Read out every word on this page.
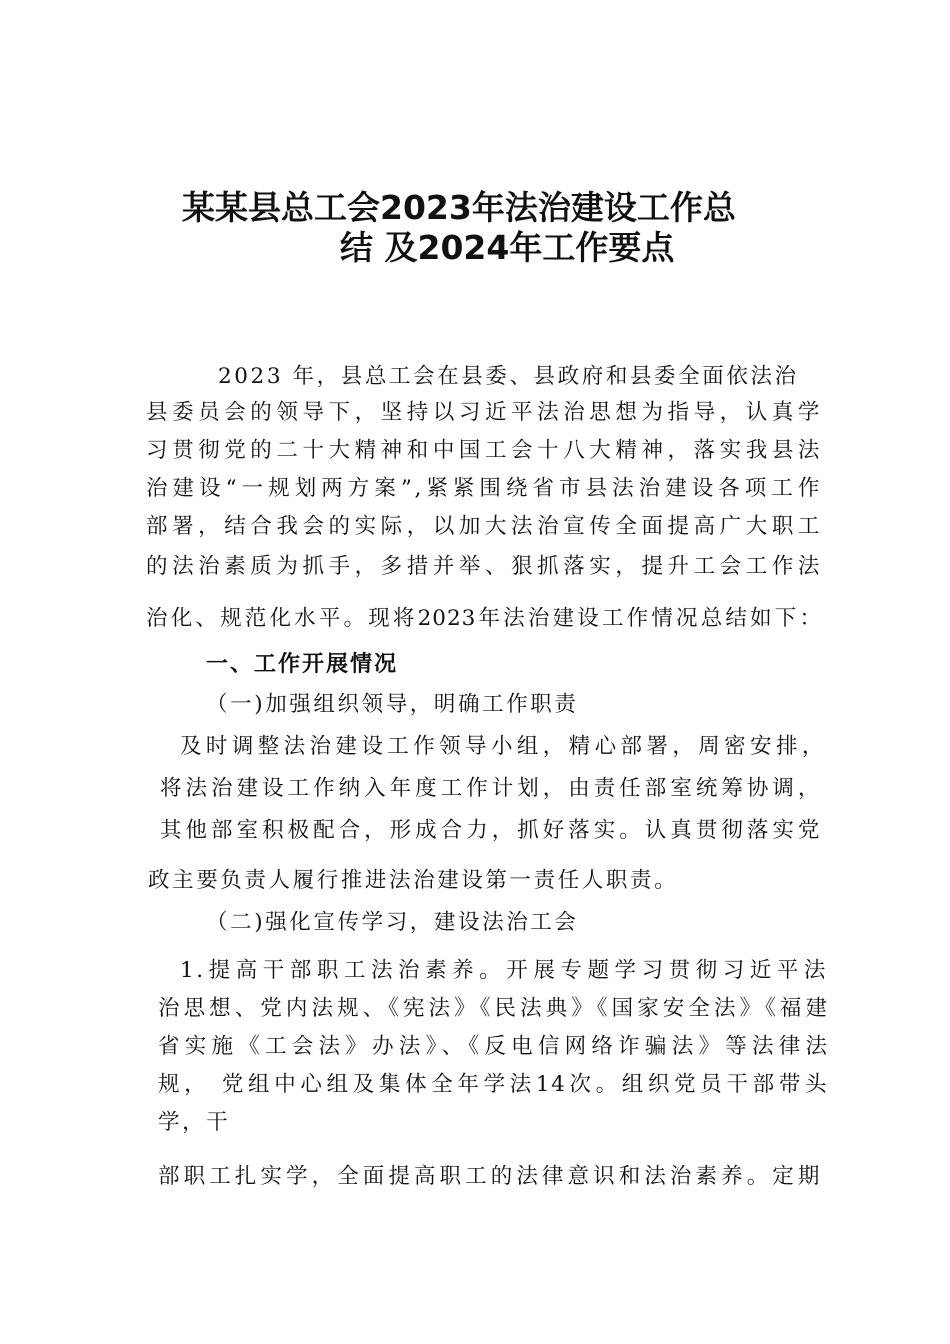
某某县总工会2023年法治建设工作总
结 及2024年工作要点
2023 年，县总工会在县委、县政府和县委全面依法治
县委员会的领导下，坚持以习近平法治思想为指导，认真学
习贯彻党的二十大精神和中国工会十八大精神，落实我县法
治建设“一规划两方案”,紧紧围绕省市县法治建设各项工作
部署，结合我会的实际，以加大法治宣传全面提高广大职工
的法治素质为抓手，多措并举、狠抓落实，提升工会工作法
治化、规范化水平。现将2023年法治建设工作情况总结如下：
一、工作开展情况
（一)加强组织领导，明确工作职责
及时调整法治建设工作领导小组，精心部署，周密安排，
将法治建设工作纳入年度工作计划，由责任部室统筹协调，
其他部室积极配合，形成合力，抓好落实。认真贯彻落实党
政主要负责人履行推进法治建设第一责任人职责。
（二)强化宣传学习，建设法治工会
1.提高干部职工法治素养。开展专题学习贯彻习近平法
治思想、党内法规、《宪法》《民法典》《国家安全法》《福建
省实施《工会法》办法》、《反电信网络诈骗法》等法律法
规， 党组中心组及集体全年学法14次。组织党员干部带头
学，干
部职工扎实学，全面提高职工的法律意识和法治素养。定期
